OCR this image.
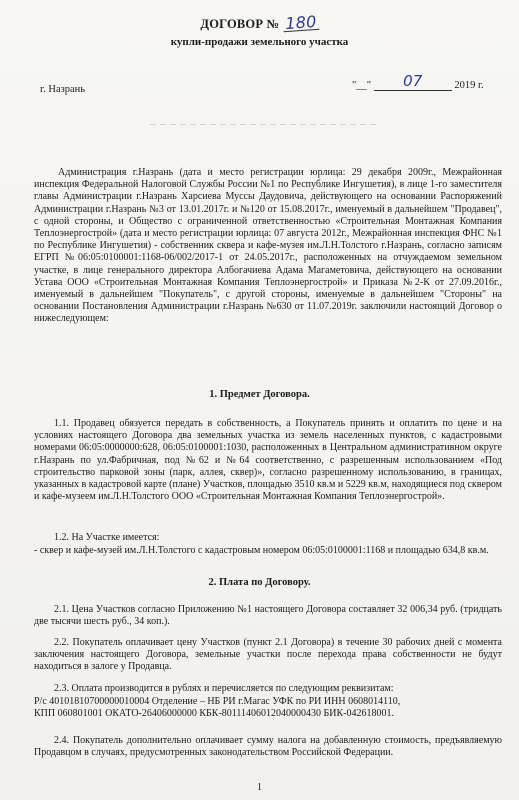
ДОГОВОР № 180
купли-продажи земельного участка
г. Назрань	"__" 07	2019 г.
Администрация г.Назрань (дата и место регистрации юрлица: 29 декабря 2009г., Межрайонная инспекция Федеральной Налоговой Службы России №1 по Республике Ингушетия), в лице 1-го заместителя главы Администрации г.Назрань Харсиева Муссы Даудовича, действующего на основании Распоряжений Администрации г.Назрань №3 от 13.01.2017г. и №120 от 15.08.2017г., именуемый в дальнейшем "Продавец", с одной стороны, и Общество с ограниченной ответственностью «Строительная Монтажная Компания Теплоэнергострой» (дата и место регистрации юрлица: 07 августа 2012г., Межрайонная инспекция ФНС №1 по Республике Ингушетия) - собственник сквера и кафе-музея им.Л.Н.Толстого г.Назрань, согласно записям ЕГРП №06:05:0100001:1168-06/002/2017-1 от 24.05.2017г., расположенных на отчуждаемом земельном участке, в лице генерального директора Албогачиева Адама Магаметовича, действующего на основании Устава ООО «Строительная Монтажная Компания Теплоэнергострой» и Приказа №2-К от 27.09.2016г., именуемый в дальнейшем "Покупатель", с другой стороны, именуемые в дальнейшем "Стороны" на основании Постановления Администрации г.Назрань №630 от 11.07.2019г. заключили настоящий Договор о нижеследующем:
1. Предмет Договора.
1.1. Продавец обязуется передать в собственность, а Покупатель принять и оплатить по цене и на условиях настоящего Договора два земельных участка из земель населенных пунктов, с кадастровыми номерами 06:05:0000000:628, 06:05:0100001:1030, расположенных в Центральном административном округе г.Назрань по ул.Фабричная, под №62 и №64 соответственно, с разрешенным использованием «Под строительство парковой зоны (парк, аллея, сквер)», согласно разрешенному использованию, в границах, указанных в кадастровой карте (плане) Участков, площадью 3510 кв.м и 5229 кв.м, находящиеся под сквером и кафе-музеем им.Л.Н.Толстого ООО «Строительная Монтажная Компания Теплоэнергострой».
1.2. На Участке имеется:
- сквер и кафе-музей им.Л.Н.Толстого с кадастровым номером 06:05:0100001:1168 и площадью 634,8 кв.м.
2. Плата по Договору.
2.1. Цена Участков согласно Приложению №1 настоящего Договора составляет 32 006,34 руб. (тридцать две тысячи шесть руб., 34 коп.).
2.2. Покупатель оплачивает цену Участков (пункт 2.1 Договора) в течение 30 рабочих дней с момента заключения настоящего Договора, земельные участки после перехода права собственности не будут находиться в залоге у Продавца.
2.3. Оплата производится в рублях и перечисляется по следующим реквизитам:
Р/с 40101810700000010004 Отделение – НБ РИ г.Магас УФК по РИ ИНН 0608014110,
КПП 060801001 ОКАТО-26406000000 КБК-80111406012040000430 БИК-042618001.
2.4. Покупатель дополнительно оплачивает сумму налога на добавленную стоимость, предъявляемую Продавцом в случаях, предусмотренных законодательством Российской Федерации.
1
